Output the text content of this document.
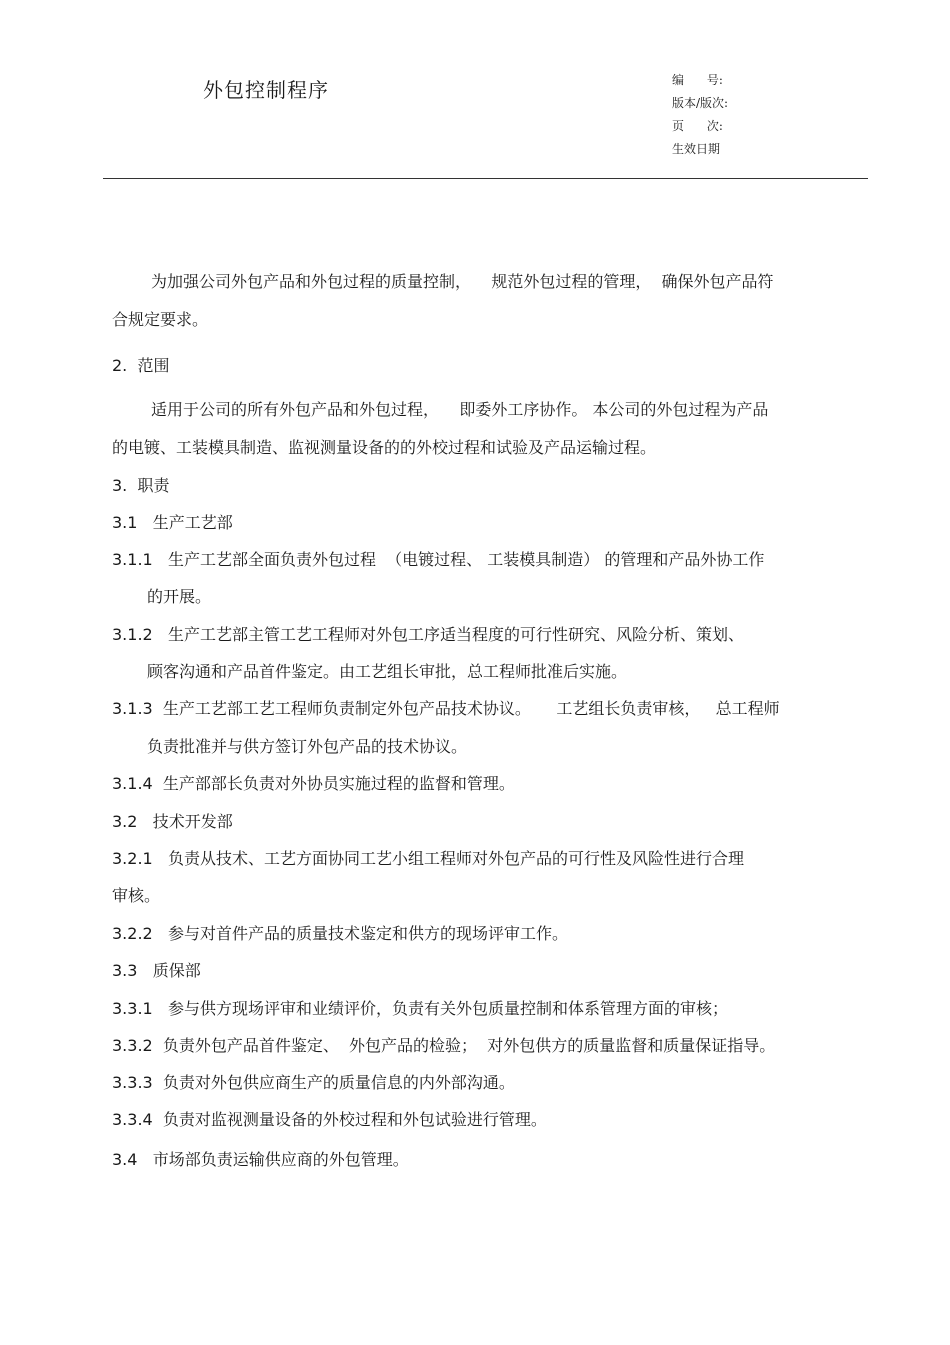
外包控制程序	编      号:
版本/版次:
页      次:
生效日期
为加强公司外包产品和外包过程的质量控制，    规范外包过程的管理，  确保外包产品符
合规定要求。
2.  范围
适用于公司的所有外包产品和外包过程，    即委外工序协作。 本公司的外包过程为产品
的电镀、工装模具制造、监视测量设备的的外校过程和试验及产品运输过程。
3.  职责
3.1   生产工艺部
3.1.1   生产工艺部全面负责外包过程  （电镀过程、 工装模具制造） 的管理和产品外协工作
的开展。
3.1.2   生产工艺部主管工艺工程师对外包工序适当程度的可行性研究、风险分析、策划、
顾客沟通和产品首件鉴定。由工艺组长审批，总工程师批准后实施。
3.1.3  生产工艺部工艺工程师负责制定外包产品技术协议。     工艺组长负责审核，   总工程师
负责批准并与供方签订外包产品的技术协议。
3.1.4  生产部部长负责对外协员实施过程的监督和管理。
3.2   技术开发部
3.2.1   负责从技术、工艺方面协同工艺小组工程师对外包产品的可行性及风险性进行合理
审核。
3.2.2   参与对首件产品的质量技术鉴定和供方的现场评审工作。
3.3   质保部
3.3.1   参与供方现场评审和业绩评价，负责有关外包质量控制和体系管理方面的审核；
3.3.2  负责外包产品首件鉴定、  外包产品的检验；  对外包供方的质量监督和质量保证指导。
3.3.3  负责对外包供应商生产的质量信息的内外部沟通。
3.3.4  负责对监视测量设备的外校过程和外包试验进行管理。
3.4   市场部负责运输供应商的外包管理。
